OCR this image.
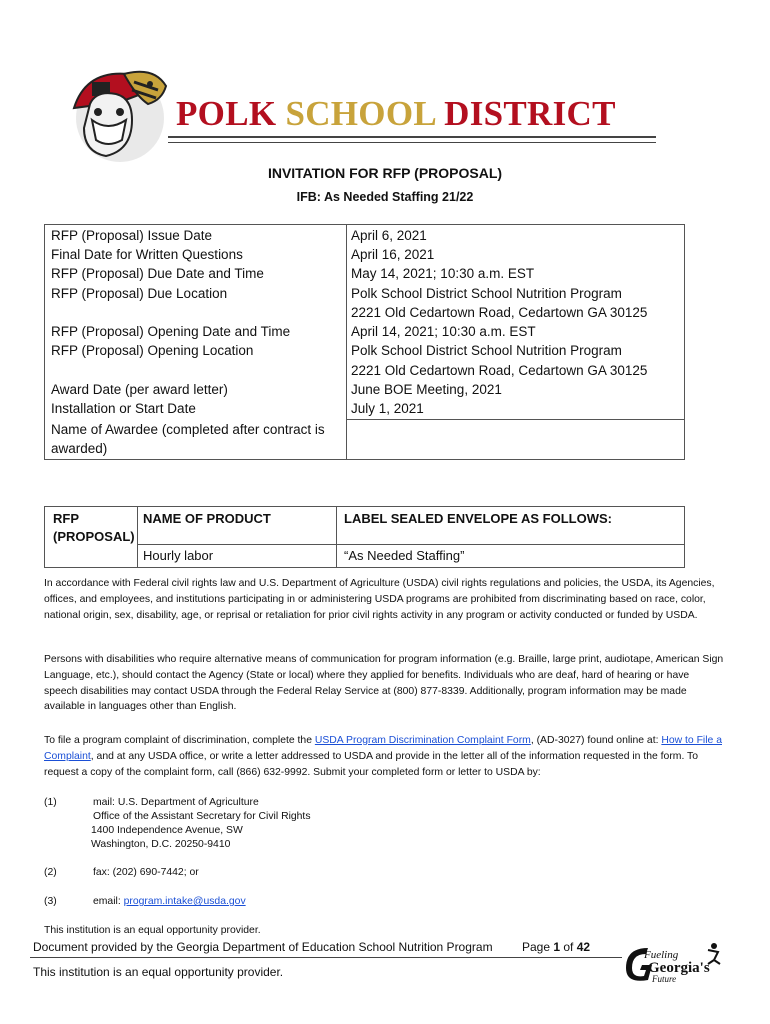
POLK SCHOOL DISTRICT
INVITATION FOR RFP (PROPOSAL)
IFB: As Needed Staffing 21/22
RFP (Proposal) Issue Date	April 6, 2021
Final Date for Written Questions	April 16, 2021
RFP (Proposal) Due Date and Time	May 14, 2021; 10:30 a.m. EST
RFP (Proposal) Due Location	Polk School District School Nutrition Program
2221 Old Cedartown Road, Cedartown GA 30125
RFP (Proposal) Opening Date and Time	April 14, 2021; 10:30 a.m. EST
RFP (Proposal) Opening Location	Polk School District School Nutrition Program
2221 Old Cedartown Road, Cedartown GA 30125
Award Date (per award letter)	June BOE Meeting, 2021
Installation or Start Date	July 1, 2021
Name of Awardee (completed after contract is
awarded)
RFP
(PROPOSAL)
NAME OF PRODUCT	LABEL SEALED ENVELOPE AS FOLLOWS:
Hourly labor	“As Needed Staffing”
In accordance with Federal civil rights law and U.S. Department of Agriculture (USDA) civil rights regulations and policies, the USDA, its Agencies, offices, and employees, and institutions participating in or administering USDA programs are prohibited from discriminating based on race, color, national origin, sex, disability, age, or reprisal or retaliation for prior civil rights activity in any program or activity conducted or funded by USDA.
Persons with disabilities who require alternative means of communication for program information (e.g. Braille, large print, audiotape, American Sign Language, etc.), should contact the Agency (State or local) where they applied for benefits. Individuals who are deaf, hard of hearing or have speech disabilities may contact USDA through the Federal Relay Service at (800) 877-8339. Additionally, program information may be made available in languages other than English.
To file a program complaint of discrimination, complete the USDA Program Discrimination Complaint Form, (AD-3027) found online at: How to File a Complaint, and at any USDA office, or write a letter addressed to USDA and provide in the letter all of the information requested in the form. To request a copy of the complaint form, call (866) 632-9992. Submit your completed form or letter to USDA by:
(1)	mail: U.S. Department of Agriculture
Office of the Assistant Secretary for Civil Rights
1400 Independence Avenue, SW
Washington, D.C. 20250-9410
(2)	fax: (202) 690-7442; or
(3)	email: program.intake@usda.gov
This institution is an equal opportunity provider.
Document provided by the Georgia Department of Education School Nutrition Program Page 1 of 42
This institution is an equal opportunity provider.
Fueling
Georgia's
Future
